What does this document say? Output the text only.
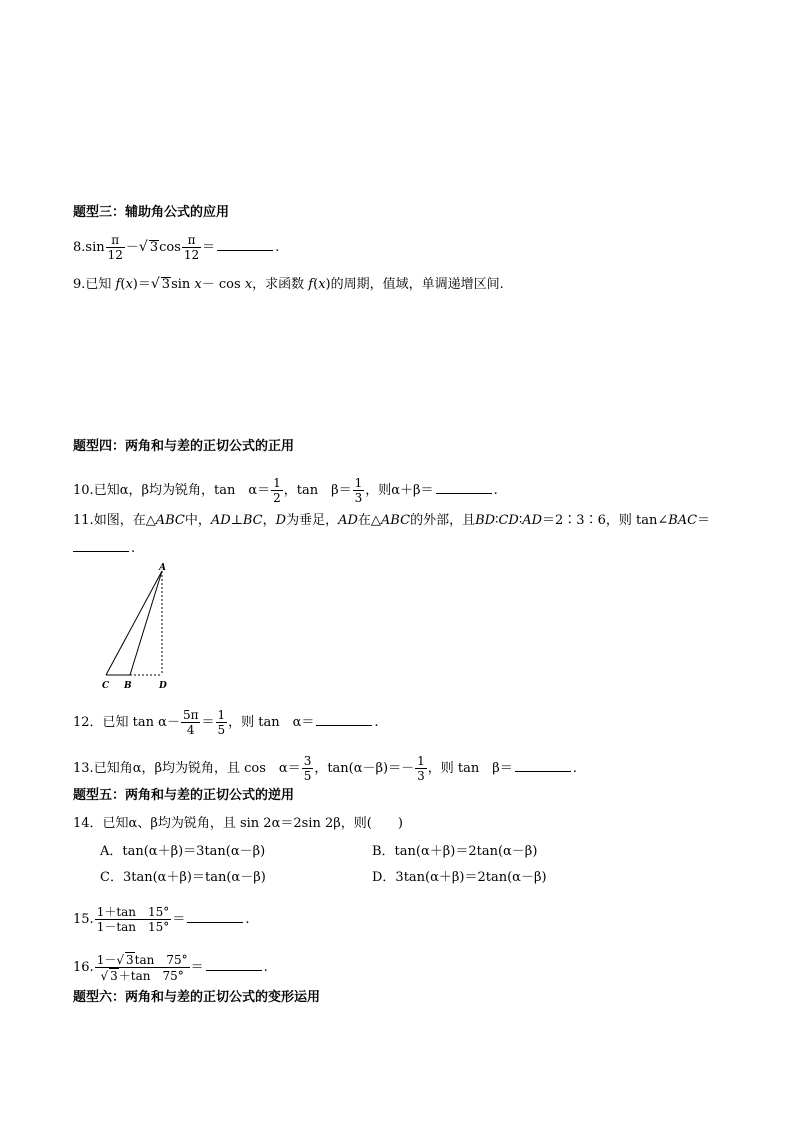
题型三：辅助角公式的应用
$8.\sin \frac{\pi}{12}$ －√ $3\cos \frac{\pi}{12}$ ＝	.
9.已知 f(x)＝√ 3sin x－ cos x，求函数 f(x)的周期，值域，单调递增区间.
题型四：两角和与差的正切公式的正用
10.已知α，β均为锐角，tan　$\alpha= \frac{1}{2}$ ，tan　$\beta= \frac{1}{3}$ ，则α＋β＝	.
11.如图，在△ABC中，AD⊥BC，D为垂足，AD在△ABC的外部，且BD∶CD∶AD＝2∶3∶6，则 tan∠BAC＝
.
A
C B	D
12．已知 $\tan \alpha- \frac{5\pi}{4} = \frac{1}{5}$ ，则 tan　α＝	.
13.已知角α，β均为锐角，且 cos　$\alpha= \frac{3}{5}$ ，$\tan(\alpha-\beta)=- \frac{1}{3}$ ，则 tan　β＝	.
题型五：两角和与差的正切公式的逆用
14．已知α、β均为锐角，且 sin 2α＝2sin 2β，则(　　)
A．tan(α＋β)＝3tan(α－β)	B．tan(α＋β)＝2tan(α－β)
C．3tan(α＋β)＝tan(α－β)	D．3tan(α＋β)＝2tan(α－β)
15. $\frac{1+\tan 15^\circ}{1-\tan 15^\circ}$ ＝	.
16. $\frac{1-√ 3\tan 75^\circ}{√ 3+\tan 75^\circ}$ ＝	.
题型六：两角和与差的正切公式的变形运用
